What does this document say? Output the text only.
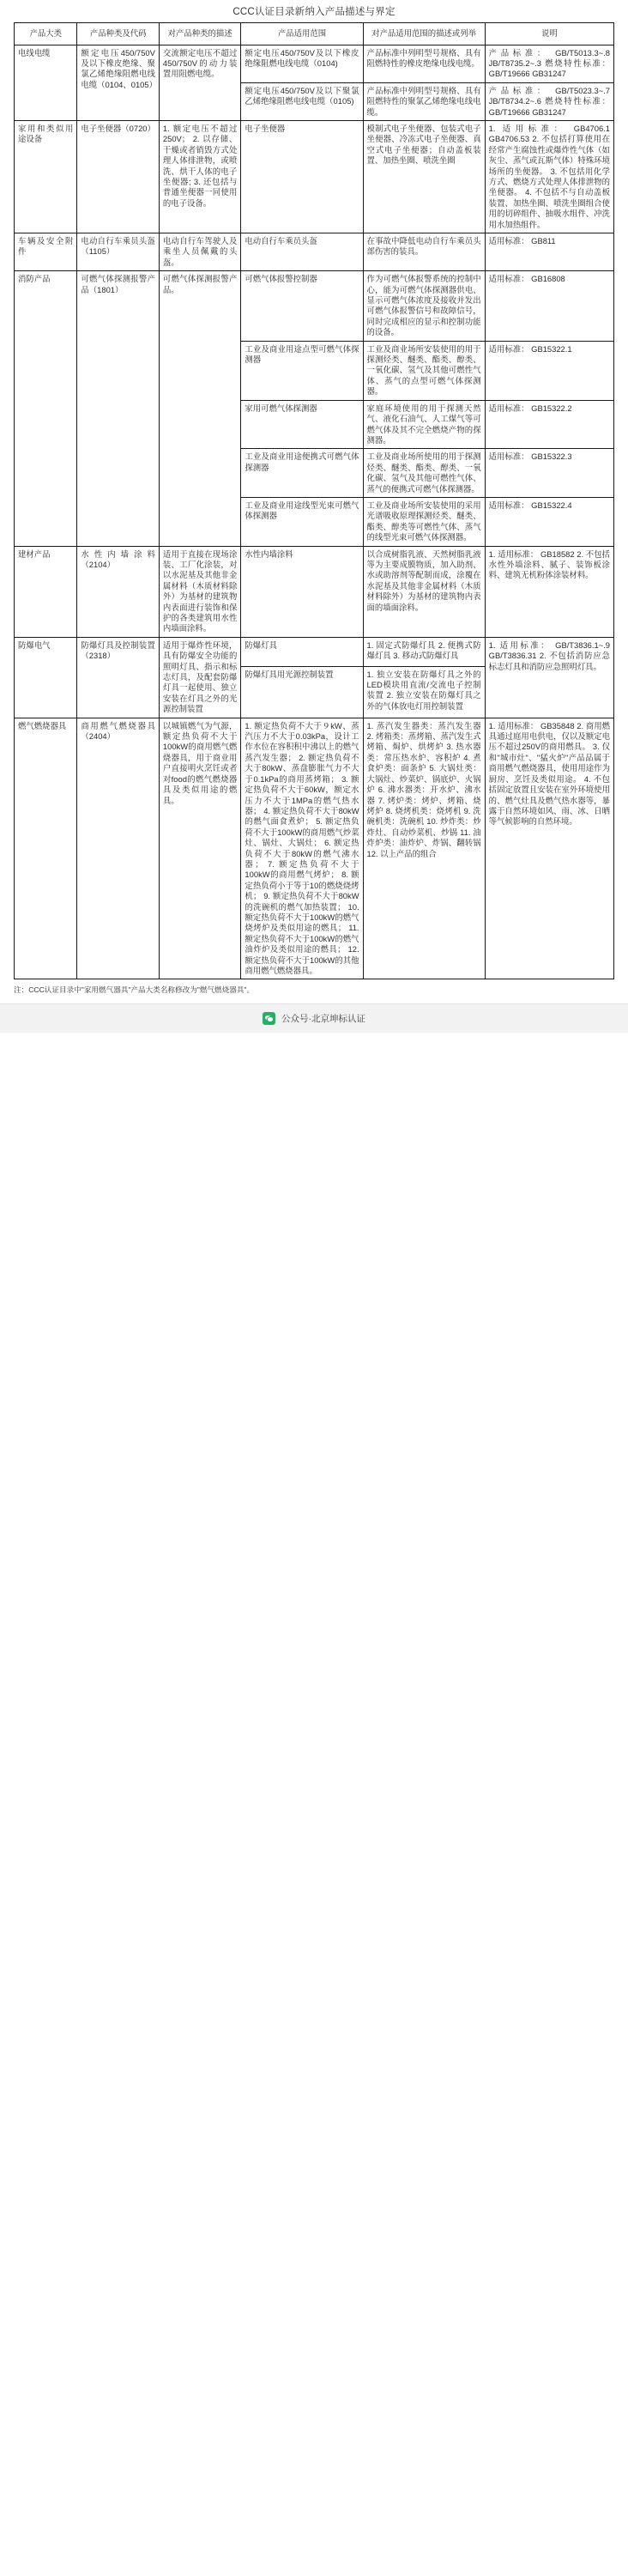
CCC认证目录新纳入产品描述与界定
产品大类	产品种类及代码	对产品种类的描述	产品适用范围	对产品适用范围的描述或列举	说明
电线电缆	额定电压450/750V及以下橡皮绝缘、聚氯乙烯绝缘阻燃电线电缆（0104、0105）	交流额定电压不超过450/750V的动力装置用阻燃电缆。	额定电压450/750V及以下橡皮绝缘阻燃电线电缆（0104)	产品标准中列明型号规格、具有阻燃特性的橡皮绝缘电线电缆。	产品标准： GB/T5013.3~.8 JB/T8735.2~.3 燃烧特性标准： GB/T19666 GB31247
			额定电压450/750V及以下聚氯乙烯绝缘阻燃电线电缆（0105)	产品标准中列明型号规格、具有阻燃特性的聚氯乙烯绝缘电线电缆。	产品标准： GB/T5023.3~.7 JB/T8734.2~.6 燃烧特性标准： GB/T19666 GB31247
家用和类似用途设备	电子坐便器（0720）	1. 额定电压不超过250V； 2. 以存储、干燥或者销毁方式处理人体排泄物，或喷洗、烘干人体的电子坐便器; 3. 还包括与普通坐便器一同使用的电子设备。	电子坐便器	模制式电子坐便器、包装式电子坐便器、冷冻式电子坐便器、真空式电子坐便器；自动盖板装置、加热坐圈、喷洗坐圈	1. 适用标准： GB4706.1 GB4706.53 2. 不包括打算使用在经常产生腐蚀性或爆炸性气体（如灰尘、蒸气或瓦斯气体）特殊环境场所的坐便器。 3. 不包括用化学方式、燃烧方式处理人体排泄物的坐便器。 4. 不包括不与自动盖板装置、加热坐圈、喷洗坐圈组合使用的切碎组件、抽吸水组件、冲洗用水加热组件。
车辆及安全附件	电动自行车乘员头盔（1105）	电动自行车驾驶人及乘坐人员佩戴的头盔。	电动自行车乘员头盔	在事故中降低电动自行车乘员头部伤害的装具。	适用标准： GB811
消防产品	可燃气体探测报警产品（1801）	可燃气体探测报警产品。	可燃气体报警控制器	作为可燃气体报警系统的控制中心，能为可燃气体探测器供电、显示可燃气体浓度及接收并发出可燃气体报警信号和故障信号，同时完成相应的显示和控制功能的设备。	适用标准： GB16808
			工业及商业用途点型可燃气体探测器	工业及商业场所安装使用的用于探测烃类、醚类、酯类、醇类、一氧化碳、氢气及其他可燃性气体、蒸气的点型可燃气体探测器。	适用标准： GB15322.1
			家用可燃气体探测器	家庭环境使用的用于探测天然气、液化石油气、人工煤气等可燃气体及其不完全燃烧产物的探测器。	适用标准： GB15322.2
			工业及商业用途便携式可燃气体探测器	工业及商业场所使用的用于探测烃类、醚类、酯类、醇类、一氧化碳、氢气及其他可燃性气体、蒸气的便携式可燃气体探测器。	适用标准： GB15322.3
			工业及商业用途线型光束可燃气体探测器	工业及商业场所安装使用的采用光谱吸收原理探测烃类、醚类、酯类、醇类等可燃性气体、蒸气的线型光束可燃气体探测器。	适用标准： GB15322.4
建材产品	水性内墙涂料（2104）	适用于直接在现场涂装、工厂化涂装，对以水泥基及其他非金属材料（木质材料除外）为基材的建筑物内表面进行装饰和保护的各类建筑用水性内墙面涂料。	水性内墙涂料	以合成树脂乳液、天然树脂乳液等为主要成膜物质，加入助剂、水或助溶剂等配制而成，涂覆在水泥基及其他非金属材料（木质材料除外）为基材的建筑物内表面的墙面涂料。	1. 适用标准： GB18582 2. 不包括水性外墙涂料、腻子、装饰板涂料、建筑无机粉体涂装材料。
防爆电气	防爆灯具及控制装置（2318）	适用于爆炸性环境，具有防爆安全功能的照明灯具、指示和标志灯具，及配套防爆灯具一起使用、独立安装在灯具之外的光源控制装置	防爆灯具	1. 固定式防爆灯具 2. 便携式防爆灯具 3. 移动式防爆灯具	1. 适用标准： GB/T3836.1~.9 GB/T3836.31 2. 不包括消防应急标志灯具和消防应急照明灯具。
			防爆灯具用光源控制装置	1. 独立安装在防爆灯具之外的LED模块用直流/交流电子控制装置 2. 独立安装在防爆灯具之外的气体放电灯用控制装置	
燃气燃烧器具	商用燃气燃烧器具（2404）	以城镇燃气为气源，额定热负荷不大于100kW的商用燃气燃烧器具，用于商业用户直接明火烹饪或者对food的燃气燃烧器具及类似用途的燃具。	1. 额定热负荷不大于９kW、蒸汽压力不大于0.03kPa，设计工作水位在容积积中沸以上的燃气蒸汽发生器； 2. 额定热负荷不大于80kW、蒸盘膨胀气力不大于0.1kPa的商用蒸烤箱； 3. 额定热负荷不大于60kW，额定水压力不大于1MPa的燃气热水器； 4. 额定热负荷不大于80kW的燃气面食煮炉； 5. 额定热负荷不大于100kW的商用燃气炒菜灶、锅灶、大锅灶； 6. 额定热负荷不大于80kW的燃气沸水器； 7. 额定热负荷不大于100kW的商用燃气烤炉； 8. 额定热负荷小于等于10的燃烧烧烤机； 9. 额定热负荷不大于80kW的洗碗机的燃气加热装置； 10. 额定热负荷不大于100kW的燃气烧烤炉及类似用途的燃具； 11. 额定热负荷不大于100kW的燃气油炸炉及类似用途的燃具； 12. 额定热负荷不大于100kW的其他商用燃气燃烧器具。	1. 蒸汽发生器类：蒸汽发生器 2. 烤箱类：蒸烤箱、蒸汽发生式烤箱、焗炉、烘烤炉 3. 热水器类：常压热水炉、容积炉 4. 煮食炉类：面条炉 5. 大锅灶类：大锅灶、炒菜炉、锅底炉、火锅炉 6. 沸水器类：开水炉、沸水器 7. 烤炉类：烤炉、烤箱、烧烤炉 8. 烧烤机类：烧烤机 9. 洗碗机类：洗碗机 10. 炒炸类：炒炸灶、自动炒菜机、炒锅 11. 油炸炉类：油炸炉、炸锅、翻转锅 12. 以上产品的组合	1. 适用标准： GB35848 2. 商用燃具通过庭用电供电，仅以及额定电压不超过250V的商用燃具。 3. 仅和"城市灶"、"猛火炉"产品品属于商用燃气燃烧器具，使用用途作为厨房、烹饪及类似用途。 4. 不包括固定放置且安装在室外环境使用的、燃气灶具及燃气热水器等，暴露于自然环境如风、雨、冰、日晒等气候影响的自然环境。
注：CCC认证目录中"家用燃气器具"产品大类名称修改为"燃气燃烧器具"。
公众号·北京坤标认证
